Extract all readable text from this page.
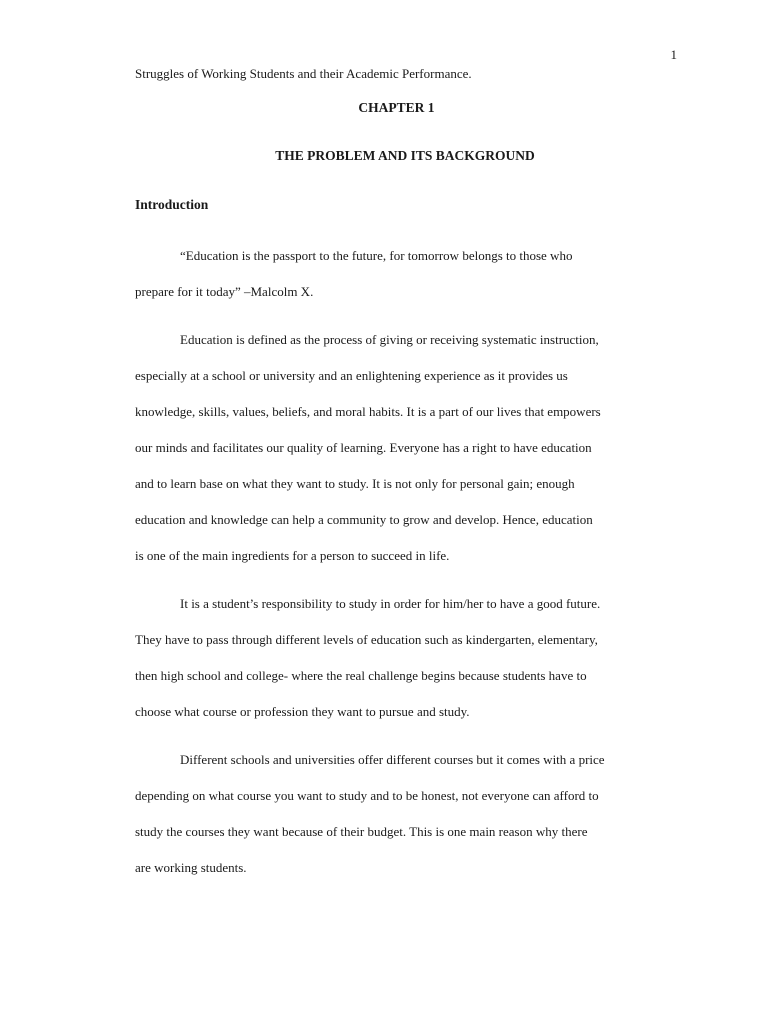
1
Struggles of Working Students and their Academic Performance.
CHAPTER 1
THE PROBLEM AND ITS BACKGROUND
Introduction

“Education is the passport to the future, for tomorrow belongs to those who
prepare for it today” –Malcolm X.

Education is defined as the process of giving or receiving systematic instruction,
especially at a school or university and an enlightening experience as it provides us
knowledge, skills, values, beliefs, and moral habits. It is a part of our lives that empowers
our minds and facilitates our quality of learning. Everyone has a right to have education
and to learn base on what they want to study. It is not only for personal gain; enough
education and knowledge can help a community to grow and develop. Hence, education
is one of the main ingredients for a person to succeed in life.

It is a student’s responsibility to study in order for him/her to have a good future.
They have to pass through different levels of education such as kindergarten, elementary,
then high school and college- where the real challenge begins because students have to
choose what course or profession they want to pursue and study.

Different schools and universities offer different courses but it comes with a price
depending on what course you want to study and to be honest, not everyone can afford to
study the courses they want because of their budget. This is one main reason why there
are working students.
